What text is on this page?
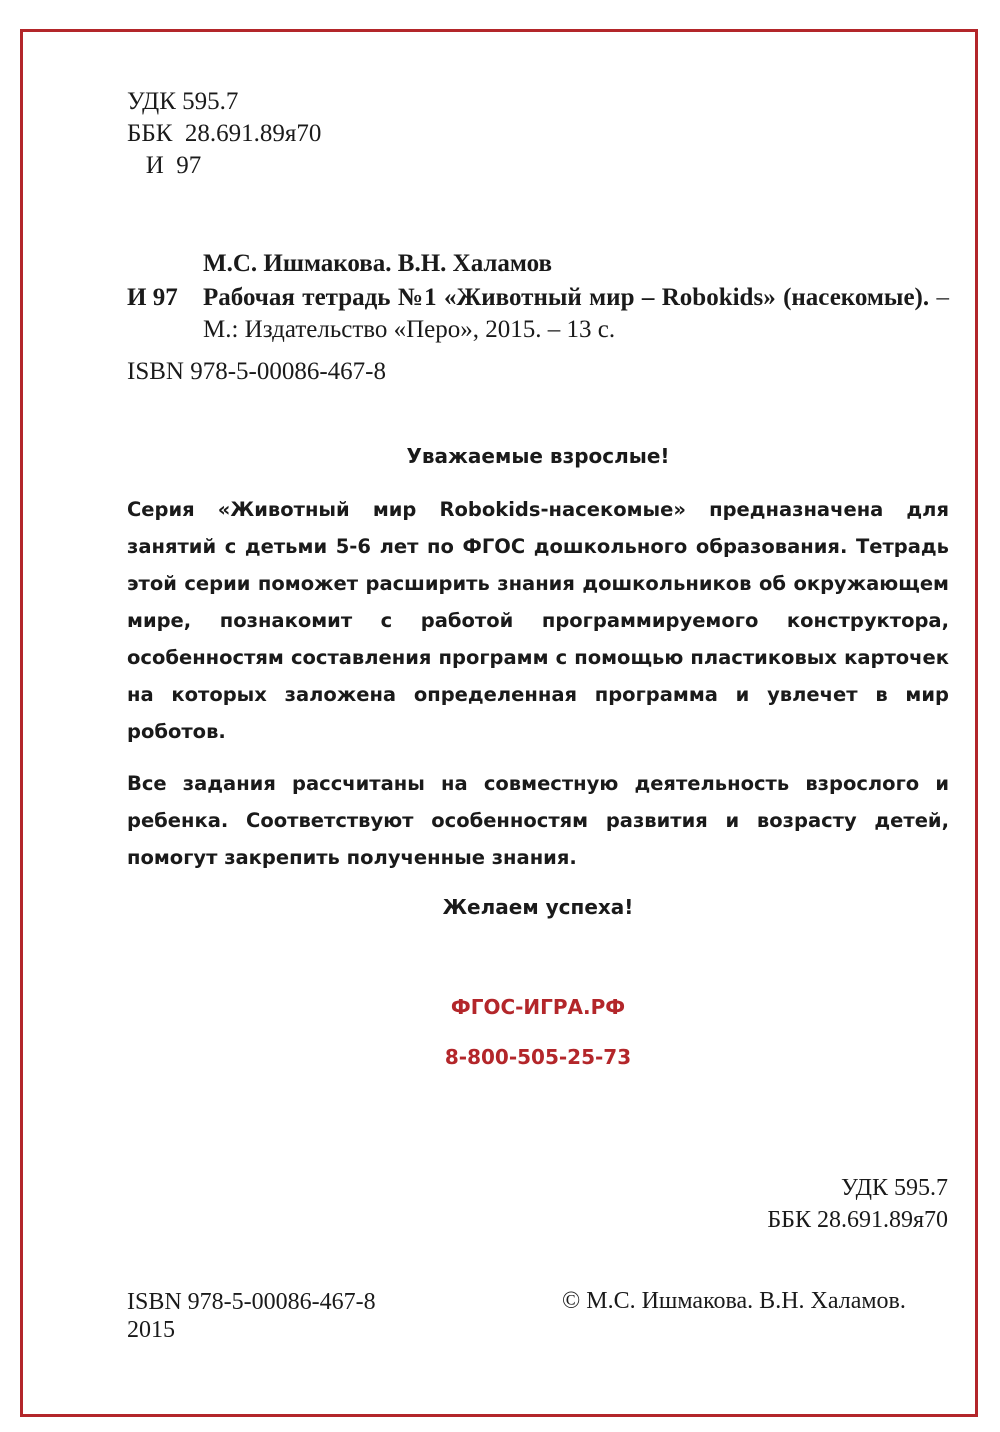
УДК 595.7
ББК  28.691.89я70
И  97
М.С. Ишмакова. В.Н. Халамов
И 97 Рабочая тетрадь №1 «Животный мир – Robokids» (насекомые). – М.: Издательство «Перо», 2015. – 13 с.
ISBN 978-5-00086-467-8
Уважаемые взрослые!
Серия «Животный мир Robokids-насекомые» предназначена для занятий с детьми 5-6 лет по ФГОС дошкольного образования. Тетрадь этой серии поможет расширить знания дошкольников об окружающем мире, познакомит с работой программируемого конструктора, особенностям составления программ с помощью пластиковых карточек на которых заложена определенная программа и увлечет в мир роботов.
Все задания рассчитаны на совместную деятельность взрослого и ребенка. Соответствуют особенностям развития и возрасту детей, помогут закрепить полученные знания.
Желаем успеха!
ФГОС-ИГРА.РФ
8-800-505-25-73
УДК 595.7
ББК 28.691.89я70
ISBN 978-5-00086-467-8
2015
© М.С. Ишмакова. В.Н. Халамов.
